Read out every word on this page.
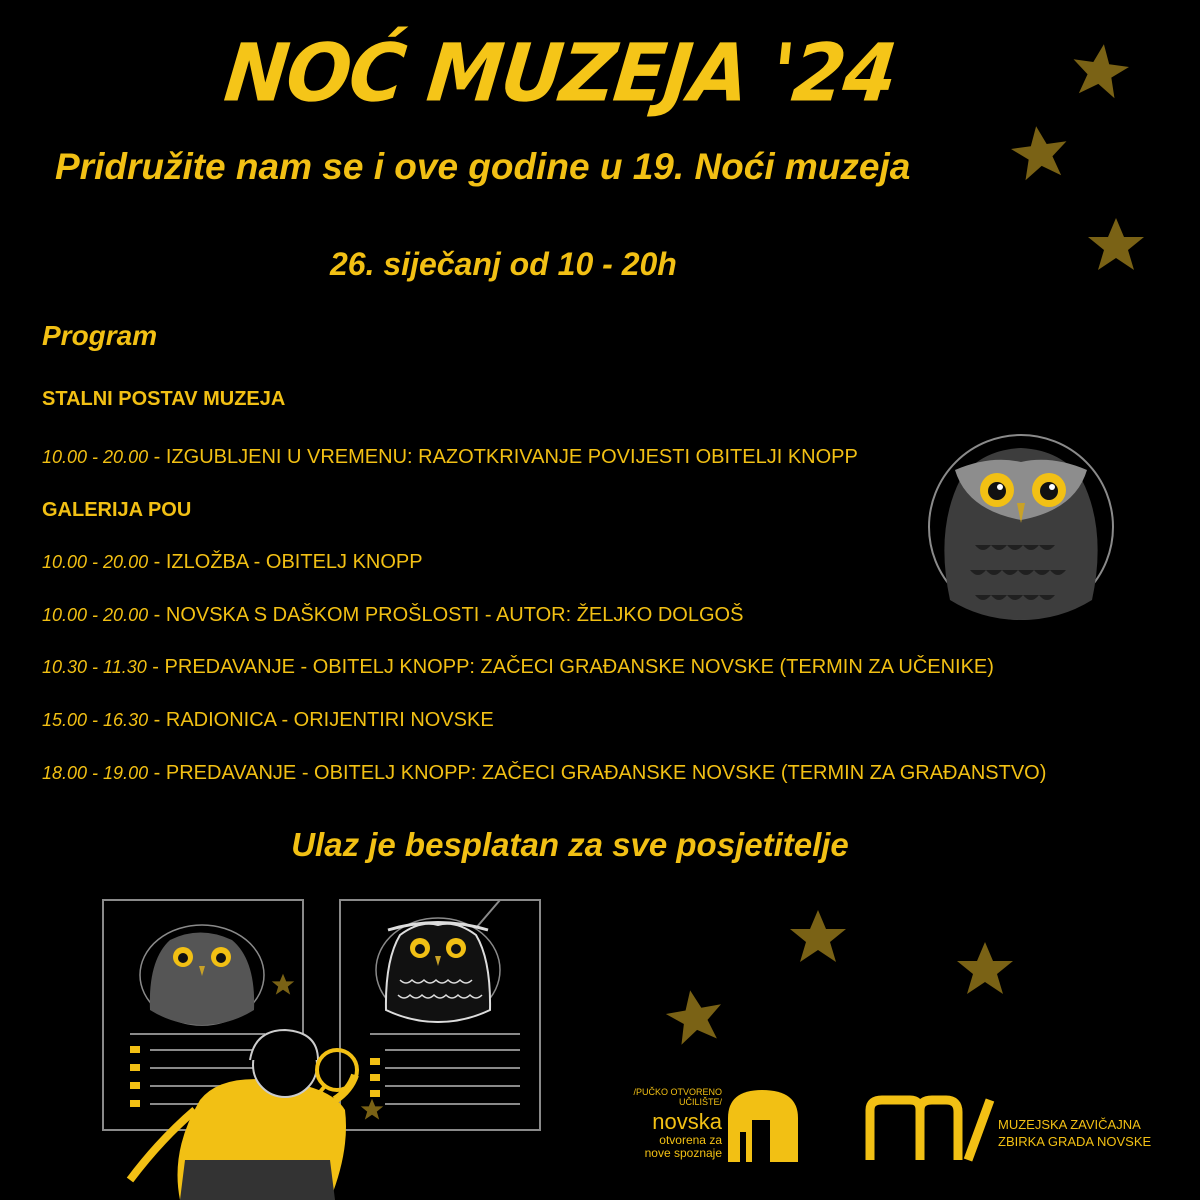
NOĆ MUZEJA '24
Pridružite nam se i ove godine u 19. Noći muzeja
26. siječanj od 10 - 20h
Program
STALNI POSTAV MUZEJA
10.00 - 20.00 - IZGUBLJENI U VREMENU: RAZOTKRIVANJE POVIJESTI OBITELJI KNOPP
GALERIJA POU
10.00 - 20.00 - IZLOŽBA - OBITELJ KNOPP
10.00 - 20.00 - NOVSKA S DAŠKOM PROŠLOSTI - AUTOR: ŽELJKO DOLGOŠ
10.30 - 11.30 - PREDAVANJE - OBITELJ KNOPP: ZAČECI GRAĐANSKE NOVSKE (TERMIN ZA UČENIKE)
15.00 - 16.30 - RADIONICA - ORIJENTIRI NOVSKE
18.00 - 19.00 - PREDAVANJE - OBITELJ KNOPP: ZAČECI GRAĐANSKE NOVSKE (TERMIN ZA GRAĐANSTVO)
Ulaz je besplatan za sve posjetitelje
/PUČKO OTVORENO
UČILIŠTE/
novska
otvorena za
nove spoznaje
MUZEJSKA ZAVIČAJNA
ZBIRKA GRADA NOVSKE
